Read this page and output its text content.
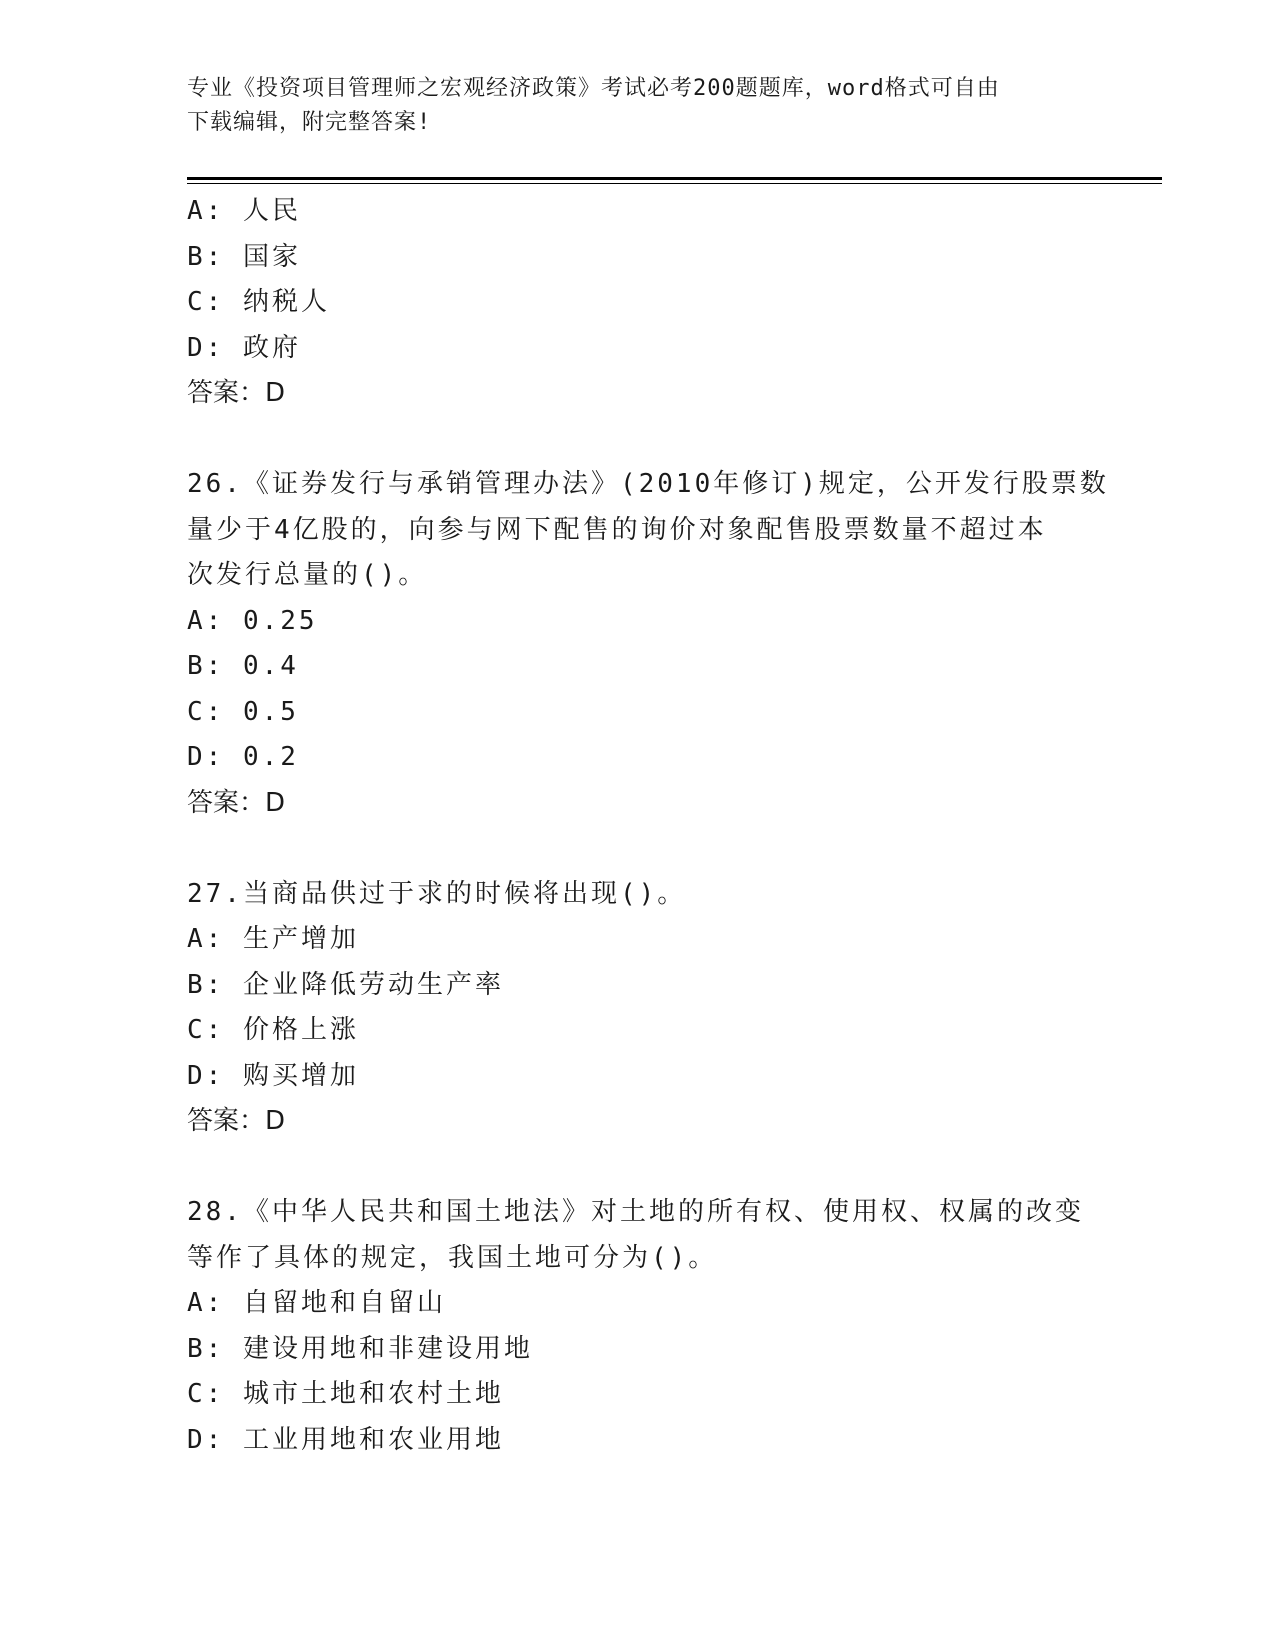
专业《投资项目管理师之宏观经济政策》考试必考200题题库，word格式可自由
下载编辑，附完整答案!
A: 人民
B: 国家
C: 纳税人
D: 政府
答案：D
26.《证券发行与承销管理办法》(2010年修订)规定，公开发行股票数
量少于4亿股的，向参与网下配售的询价对象配售股票数量不超过本
次发行总量的()。
A: 0.25
B: 0.4
C: 0.5
D: 0.2
答案：D
27.当商品供过于求的时候将出现()。
A: 生产增加
B: 企业降低劳动生产率
C: 价格上涨
D: 购买增加
答案：D
28.《中华人民共和国土地法》对土地的所有权、使用权、权属的改变
等作了具体的规定，我国土地可分为()。
A: 自留地和自留山
B: 建设用地和非建设用地
C: 城市土地和农村土地
D: 工业用地和农业用地
